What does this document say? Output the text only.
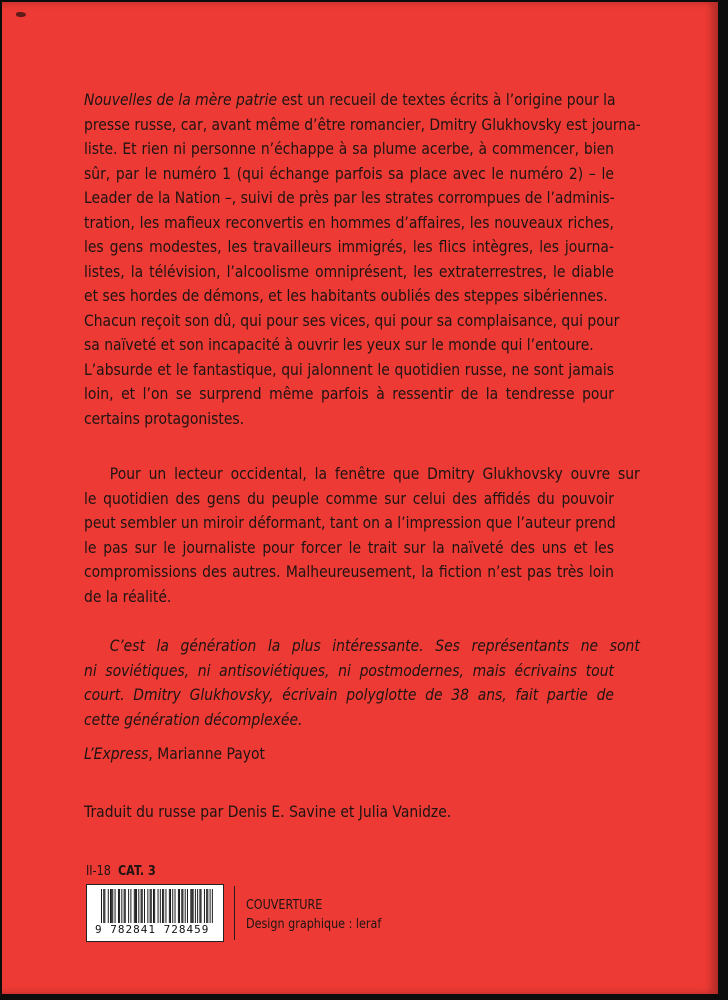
Nouvelles de la mère patrie est un recueil de textes écrits à l’origine pour la
presse russe, car, avant même d’être romancier, Dmitry Glukhovsky est journa-
liste. Et rien ni personne n’échappe à sa plume acerbe, à commencer, bien
sûr, par le numéro 1 (qui échange parfois sa place avec le numéro 2) – le
Leader de la Nation –, suivi de près par les strates corrompues de l’adminis-
tration, les mafieux reconvertis en hommes d’affaires, les nouveaux riches,
les gens modestes, les travailleurs immigrés, les flics intègres, les journa-
listes, la télévision, l’alcoolisme omniprésent, les extraterrestres, le diable
et ses hordes de démons, et les habitants oubliés des steppes sibériennes.
Chacun reçoit son dû, qui pour ses vices, qui pour sa complaisance, qui pour
sa naïveté et son incapacité à ouvrir les yeux sur le monde qui l’entoure.
L’absurde et le fantastique, qui jalonnent le quotidien russe, ne sont jamais
loin, et l’on se surprend même parfois à ressentir de la tendresse pour
certains protagonistes.
Pour un lecteur occidental, la fenêtre que Dmitry Glukhovsky ouvre sur
le quotidien des gens du peuple comme sur celui des affidés du pouvoir
peut sembler un miroir déformant, tant on a l’impression que l’auteur prend
le pas sur le journaliste pour forcer le trait sur la naïveté des uns et les
compromissions des autres. Malheureusement, la fiction n’est pas très loin
de la réalité.
C’est la génération la plus intéressante. Ses représentants ne sont
ni soviétiques, ni antisoviétiques, ni postmodernes, mais écrivains tout
court. Dmitry Glukhovsky, écrivain polyglotte de 38 ans, fait partie de
cette génération décomplexée.
L’Express, Marianne Payot
Traduit du russe par Denis E. Savine et Julia Vanidze.
II-18 CAT. 3
9 782841 728459
COUVERTURE
Design graphique : leraf
